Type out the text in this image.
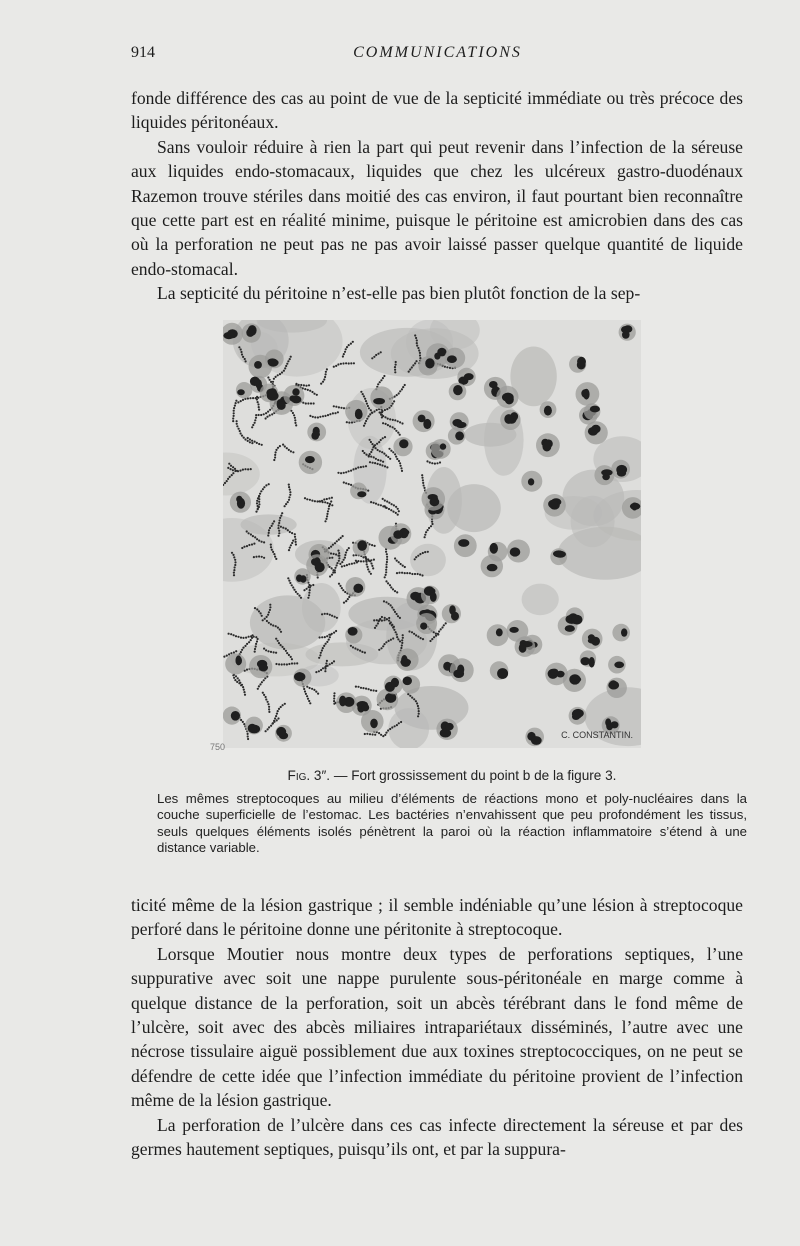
914	COMMUNICATIONS

fonde différence des cas au point de vue de la septicité immédiate ou très précoce des liquides péritonéaux.

Sans vouloir réduire à rien la part qui peut revenir dans l’infection de la séreuse aux liquides endo-stomacaux, liquides que chez les ulcéreux gastro-duodénaux Razemon trouve stériles dans moitié des cas environ, il faut pourtant bien reconnaître que cette part est en réalité minime, puisque le péritoine est amicrobien dans des cas où la perforation ne peut pas ne pas avoir laissé passer quelque quantité de liquide endo-stomacal.

La septicité du péritoine n’est-elle pas bien plutôt fonction de la sep-

C. CONSTANTIN.
750
Fig. 3″. — Fort grossissement du point b de la figure 3.

Les mêmes streptocoques au milieu d’éléments de réactions mono et poly-nucléaires dans la couche superficielle de l’estomac. Les bactéries n’envahissent que peu profondément les tissus, seuls quelques éléments isolés pénètrent la paroi où la réaction inflammatoire s’étend à une distance variable.

ticité même de la lésion gastrique ; il semble indéniable qu’une lésion à streptocoque perforé dans le péritoine donne une péritonite à streptocoque.

Lorsque Moutier nous montre deux types de perforations septiques, l’une suppurative avec soit une nappe purulente sous-péritonéale en marge comme à quelque distance de la perforation, soit un abcès térébrant dans le fond même de l’ulcère, soit avec des abcès miliaires intrapariétaux disséminés, l’autre avec une nécrose tissulaire aiguë possiblement due aux toxines streptococciques, on ne peut se défendre de cette idée que l’infection immédiate du péritoine provient de l’infection même de la lésion gastrique.

La perforation de l’ulcère dans ces cas infecte directement la séreuse et par des germes hautement septiques, puisqu’ils ont, et par la suppura-
